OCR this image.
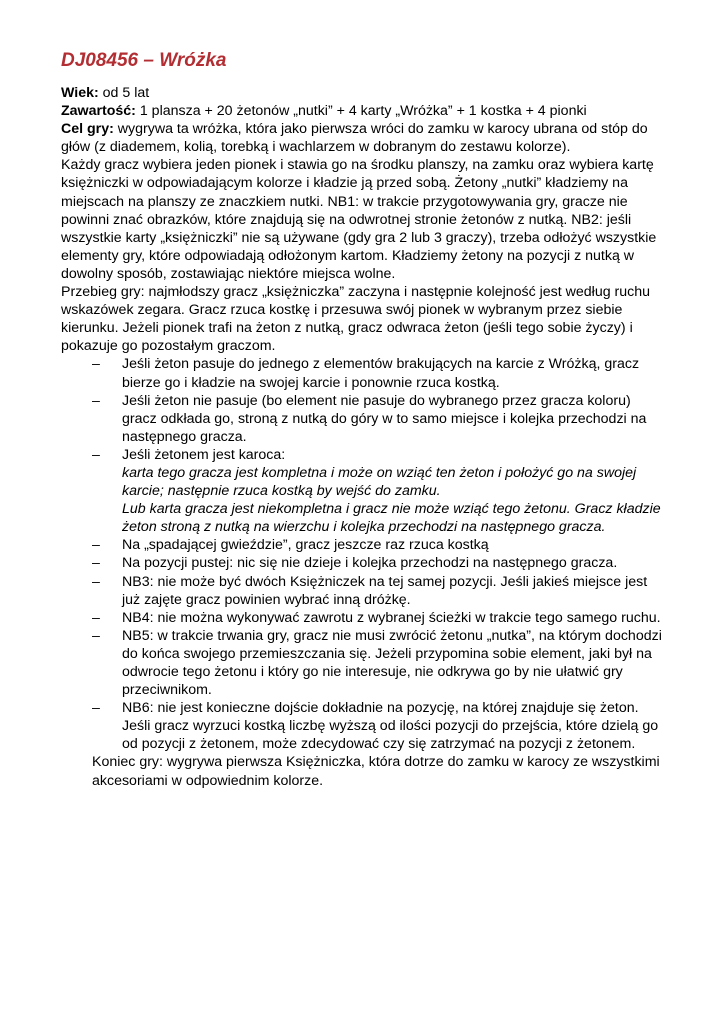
DJ08456 – Wróżka

Wiek: od 5 lat

Zawartość: 1 plansza + 20 żetonów „nutki” + 4 karty „Wróżka” + 1 kostka + 4 pionki

Cel gry: wygrywa ta wróżka, która jako pierwsza wróci do zamku w karocy ubrana od stóp do głów (z diademem, kolią, torebką i wachlarzem w dobranym do zestawu kolorze).

Każdy gracz wybiera jeden pionek i stawia go na środku planszy, na zamku oraz wybiera kartę księżniczki w odpowiadającym kolorze i kładzie ją przed sobą. Żetony „nutki” kładziemy na miejscach na planszy ze znaczkiem nutki. NB1: w trakcie przygotowywania gry, gracze nie powinni znać obrazków, które znajdują się na odwrotnej stronie żetonów z nutką. NB2: jeśli wszystkie karty „księżniczki” nie są używane (gdy gra 2 lub 3 graczy), trzeba odłożyć wszystkie elementy gry, które odpowiadają odłożonym kartom. Kładziemy żetony na pozycji z nutką w dowolny sposób, zostawiając niektóre miejsca wolne.

Przebieg gry: najmłodszy gracz „księżniczka” zaczyna i następnie kolejność jest według ruchu wskazówek zegara. Gracz rzuca kostkę i przesuwa swój pionek w wybranym przez siebie kierunku. Jeżeli pionek trafi na żeton z nutką, gracz odwraca żeton (jeśli tego sobie życzy) i pokazuje go pozostałym graczom.

– Jeśli żeton pasuje do jednego z elementów brakujących na karcie z Wróżką, gracz bierze go i kładzie na swojej karcie i ponownie rzuca kostką.
– Jeśli żeton nie pasuje (bo element nie pasuje do wybranego przez gracza koloru) gracz odkłada go, stroną z nutką do góry w to samo miejsce i kolejka przechodzi na następnego gracza.
– Jeśli żetonem jest karoca:
karta tego gracza jest kompletna i może on wziąć ten żeton i położyć go na swojej karcie; następnie rzuca kostką by wejść do zamku.
Lub karta gracza jest niekompletna i gracz nie może wziąć tego żetonu. Gracz kładzie żeton stroną z nutką na wierzchu i kolejka przechodzi na następnego gracza.
– Na „spadającej gwieździe”, gracz jeszcze raz rzuca kostką
– Na pozycji pustej: nic się nie dzieje i kolejka przechodzi na następnego gracza.
– NB3: nie może być dwóch Księżniczek na tej samej pozycji. Jeśli jakieś miejsce jest już zajęte gracz powinien wybrać inną dróżkę.
– NB4: nie można wykonywać zawrotu z wybranej ścieżki w trakcie tego samego ruchu.
– NB5: w trakcie trwania gry, gracz nie musi zwrócić żetonu „nutka”, na którym dochodzi do końca swojego przemieszczania się. Jeżeli przypomina sobie element, jaki był na odwrocie tego żetonu i który go nie interesuje, nie odkrywa go by nie ułatwić gry przeciwnikom.
– NB6: nie jest konieczne dojście dokładnie na pozycję, na której znajduje się żeton. Jeśli gracz wyrzuci kostką liczbę wyższą od ilości pozycji do przejścia, które dzielą go od pozycji z żetonem, może zdecydować czy się zatrzymać na pozycji z żetonem.

Koniec gry: wygrywa pierwsza Księżniczka, która dotrze do zamku w karocy ze wszystkimi akcesoriami w odpowiednim kolorze.
